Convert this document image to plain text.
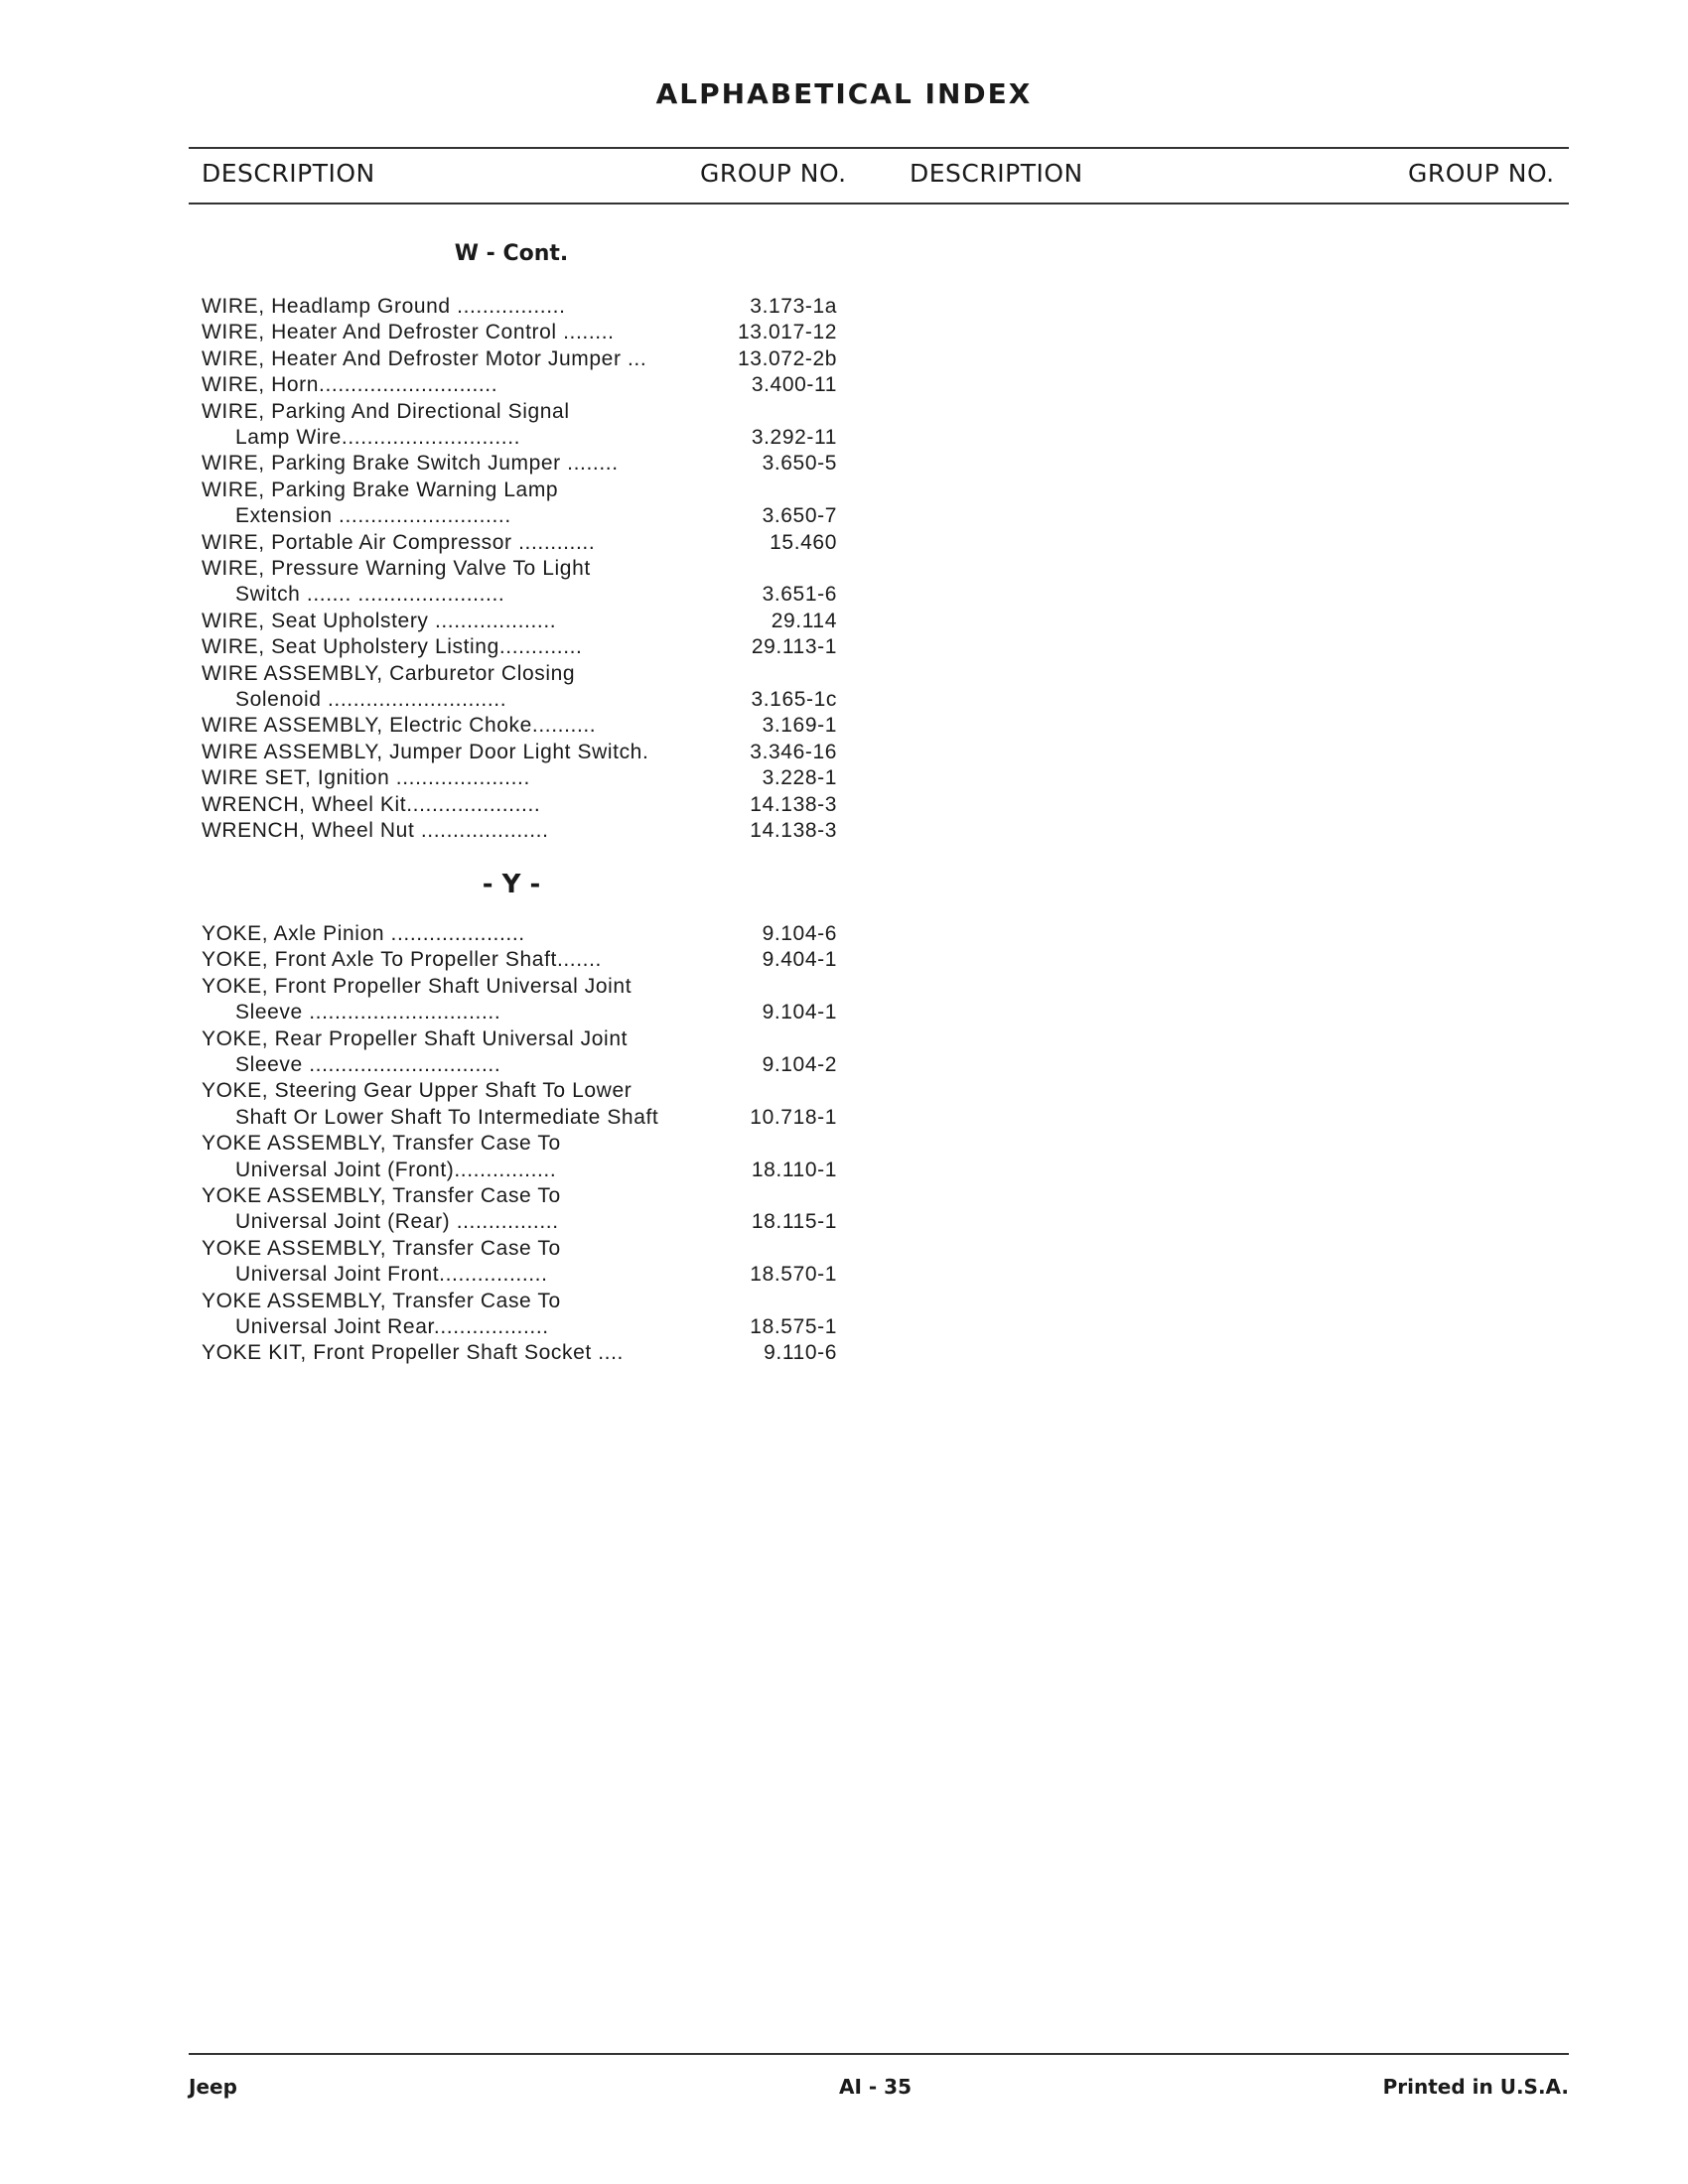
ALPHABETICAL INDEX
DESCRIPTION	GROUP NO.	DESCRIPTION	GROUP NO.
W - Cont.
WIRE, Headlamp Ground .................	3.173-1a
WIRE, Heater And Defroster Control ........	13.017-12
WIRE, Heater And Defroster Motor Jumper ...	13.072-2b
WIRE, Horn............................	3.400-11
WIRE, Parking And Directional Signal
Lamp Wire............................	3.292-11
WIRE, Parking Brake Switch Jumper ........	3.650-5
WIRE, Parking Brake Warning Lamp
Extension ...........................	3.650-7
WIRE, Portable Air Compressor ............	15.460
WIRE, Pressure Warning Valve To Light
Switch ....... .......................	3.651-6
WIRE, Seat Upholstery ...................	29.114
WIRE, Seat Upholstery Listing.............	29.113-1
WIRE ASSEMBLY, Carburetor Closing
Solenoid ............................	3.165-1c
WIRE ASSEMBLY, Electric Choke..........	3.169-1
WIRE ASSEMBLY, Jumper Door Light Switch.	3.346-16
WIRE SET, Ignition .....................	3.228-1
WRENCH, Wheel Kit.....................	14.138-3
WRENCH, Wheel Nut ....................	14.138-3
- Y -
YOKE, Axle Pinion .....................	9.104-6
YOKE, Front Axle To Propeller Shaft.......	9.404-1
YOKE, Front Propeller Shaft Universal Joint
Sleeve ..............................	9.104-1
YOKE, Rear Propeller Shaft Universal Joint
Sleeve ..............................	9.104-2
YOKE, Steering Gear Upper Shaft To Lower
Shaft Or Lower Shaft To Intermediate Shaft	10.718-1
YOKE ASSEMBLY, Transfer Case To
Universal Joint (Front)................	18.110-1
YOKE ASSEMBLY, Transfer Case To
Universal Joint (Rear) ................	18.115-1
YOKE ASSEMBLY, Transfer Case To
Universal Joint Front.................	18.570-1
YOKE ASSEMBLY, Transfer Case To
Universal Joint Rear..................	18.575-1
YOKE KIT, Front Propeller Shaft Socket ....	9.110-6
Jeep	AI - 35	Printed in U.S.A.
